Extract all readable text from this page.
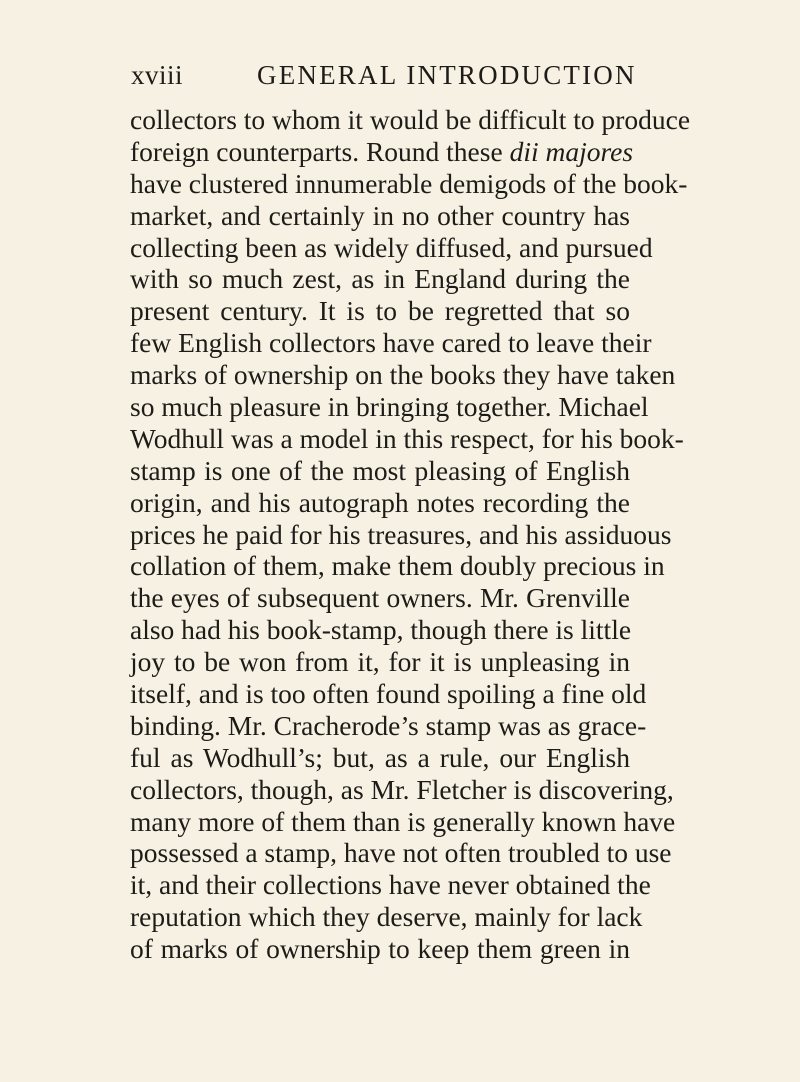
xviii	GENERAL INTRODUCTION
collectors to whom it would be difficult to produce
foreign counterparts. Round these dii majores
have clustered innumerable demigods of the book-
market, and certainly in no other country has
collecting been as widely diffused, and pursued
with so much zest, as in England during the
present century. It is to be regretted that so
few English collectors have cared to leave their
marks of ownership on the books they have taken
so much pleasure in bringing together. Michael
Wodhull was a model in this respect, for his book-
stamp is one of the most pleasing of English
origin, and his autograph notes recording the
prices he paid for his treasures, and his assiduous
collation of them, make them doubly precious in
the eyes of subsequent owners. Mr. Grenville
also had his book-stamp, though there is little
joy to be won from it, for it is unpleasing in
itself, and is too often found spoiling a fine old
binding. Mr. Cracherode’s stamp was as grace-
ful as Wodhull’s; but, as a rule, our English
collectors, though, as Mr. Fletcher is discovering,
many more of them than is generally known have
possessed a stamp, have not often troubled to use
it, and their collections have never obtained the
reputation which they deserve, mainly for lack
of marks of ownership to keep them green in
